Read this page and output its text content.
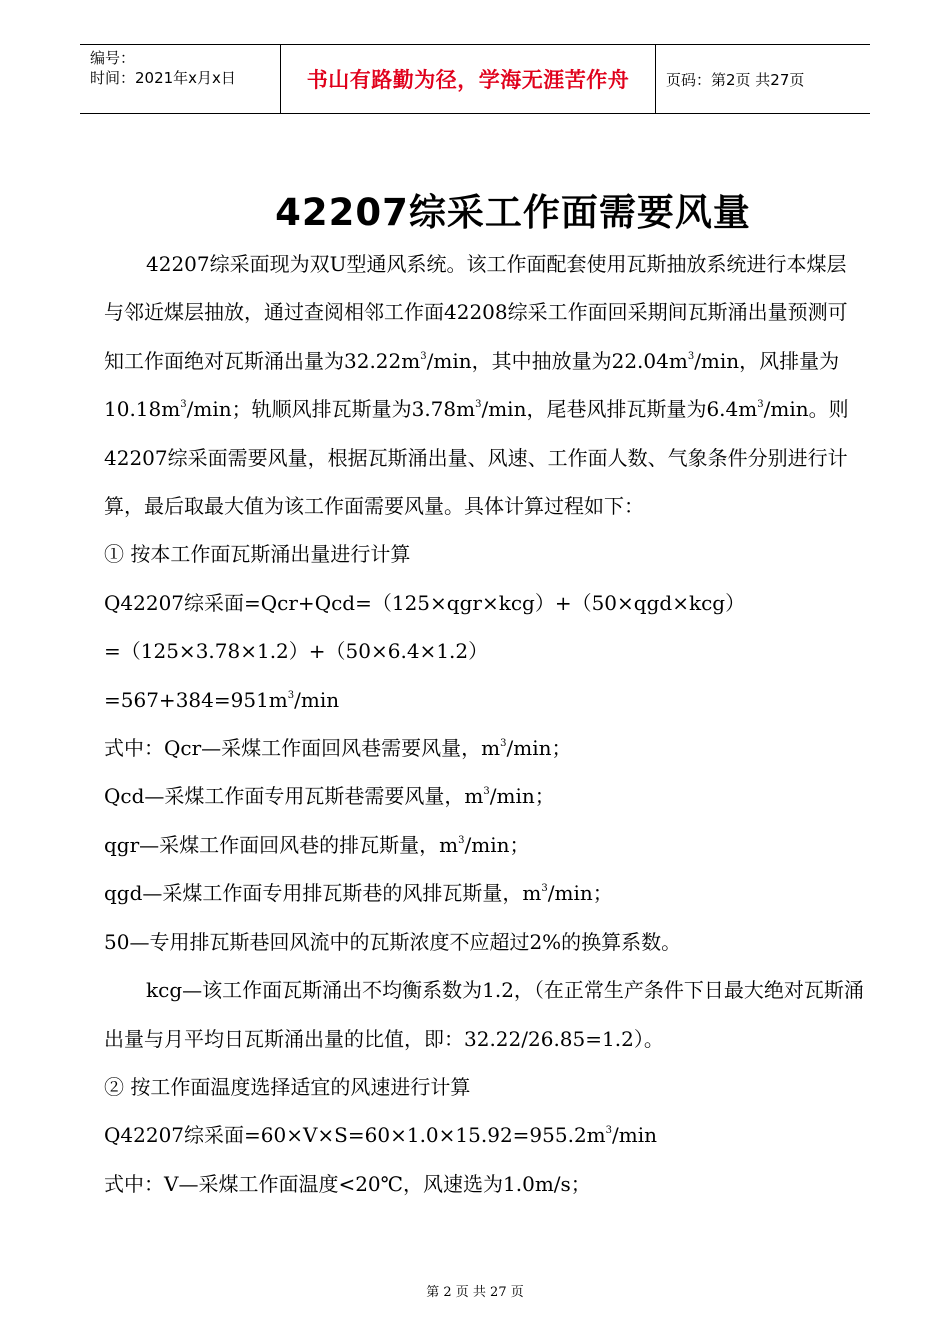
编号：
时间：2021年x月x日	书山有路勤为径，学海无涯苦作舟 页码：第2页 共27页
42207综采工作面需要风量

42207综采面现为双U型通风系统。该工作面配套使用瓦斯抽放系统进行本煤层与邻近煤层抽放，通过查阅相邻工作面42208综采工作面回采期间瓦斯涌出量预测可知工作面绝对瓦斯涌出量为$32.22m^3/\min$，其中抽放量为$22.04m^3/\min$，风排量为$10.18m^3/\min$；轨顺风排瓦斯量为$3.78m^3/\min$，尾巷风排瓦斯量为$6.4m^3/\min$。则42207综采面需要风量，根据瓦斯涌出量、风速、工作面人数、气象条件分别进行计算，最后取最大值为该工作面需要风量。具体计算过程如下：

① 按本工作面瓦斯涌出量进行计算

Q42207综采面=Qcr+Qcd=（125×qgr×kcg）+（50×qgd×kcg）

=（125×3.78×1.2）+（50×6.4×1.2）

$=567+384=951m^3/\min$

式中：Qcr—采煤工作面回风巷需要风量，$m^3/\min$；

Qcd—采煤工作面专用瓦斯巷需要风量，$m^3/\min$；

qgr—采煤工作面回风巷的排瓦斯量，$m^3/\min$；

qgd—采煤工作面专用排瓦斯巷的风排瓦斯量，$m^3/\min$；

50—专用排瓦斯巷回风流中的瓦斯浓度不应超过2%的换算系数。

kcg—该工作面瓦斯涌出不均衡系数为1.2，（在正常生产条件下日最大绝对瓦斯涌出量与月平均日瓦斯涌出量的比值，即：32.22/26.85=1.2）。

② 按工作面温度选择适宜的风速进行计算

Q42207综采面$=60\times V\times S=60\times 1.0\times 15.92=955.2m^3/\min$

式中：V—采煤工作面温度<20℃，风速选为1.0m/s；

第 2 页 共 27 页
